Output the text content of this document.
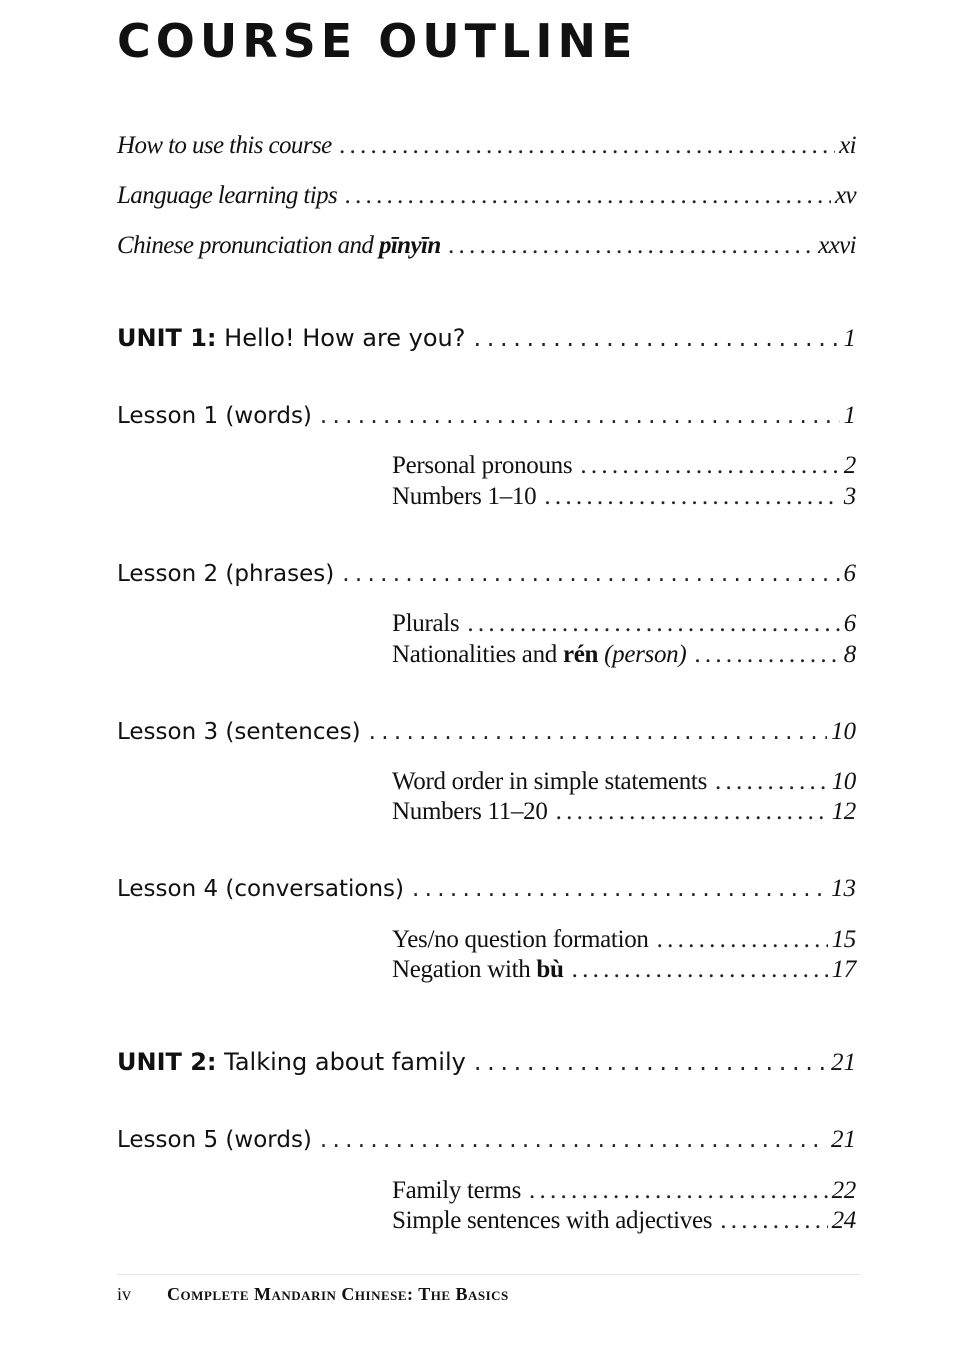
COURSE OUTLINE
How to use this course . . .	xi
Language learning tips . . .	xv
Chinese pronunciation and pīnyīn . . .	xxvi
UNIT 1: Hello! How are you? . . .	1
Lesson 1 (words) . . .	1
Personal pronouns . . .	2
Numbers 1–10 . . .	3
Lesson 2 (phrases) . . .	6
Plurals . . .	6
Nationalities and rén (person) . . .	8
Lesson 3 (sentences) . . .	10
Word order in simple statements . . .	10
Numbers 11–20 . . .	12
Lesson 4 (conversations) . . .	13
Yes/no question formation . . .	15
Negation with bù . . .	17
UNIT 2: Talking about family . . .	21
Lesson 5 (words) . . .	21
Family terms . . .	22
Simple sentences with adjectives . . .	24
iv Complete Mandarin Chinese: The Basics
